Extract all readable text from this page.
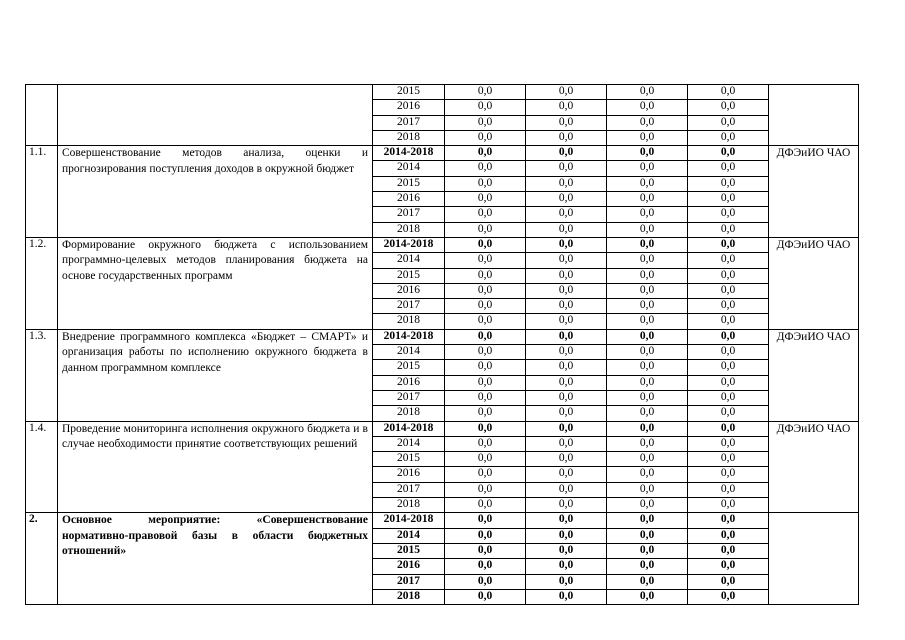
		2015	0,0	0,0	0,0	0,0	
		2016	0,0	0,0	0,0	0,0	
		2017	0,0	0,0	0,0	0,0	
		2018	0,0	0,0	0,0	0,0	
1.1.	Совершенствование методов анализа, оценки и прогнозирования поступления доходов в окружной бюджет	2014-2018	0,0	0,0	0,0	0,0	ДФЭиИО ЧАО
		2014	0,0	0,0	0,0	0,0	
		2015	0,0	0,0	0,0	0,0	
		2016	0,0	0,0	0,0	0,0	
		2017	0,0	0,0	0,0	0,0	
		2018	0,0	0,0	0,0	0,0	
1.2.	Формирование окружного бюджета с использованием программно-целевых методов планирования бюджета на основе государственных программ	2014-2018	0,0	0,0	0,0	0,0	ДФЭиИО ЧАО
		2014	0,0	0,0	0,0	0,0	
		2015	0,0	0,0	0,0	0,0	
		2016	0,0	0,0	0,0	0,0	
		2017	0,0	0,0	0,0	0,0	
		2018	0,0	0,0	0,0	0,0	
1.3.	Внедрение программного комплекса «Бюджет – СМАРТ» и организация работы по исполнению окружного бюджета в данном программном комплексе	2014-2018	0,0	0,0	0,0	0,0	ДФЭиИО ЧАО
		2014	0,0	0,0	0,0	0,0	
		2015	0,0	0,0	0,0	0,0	
		2016	0,0	0,0	0,0	0,0	
		2017	0,0	0,0	0,0	0,0	
		2018	0,0	0,0	0,0	0,0	
1.4.	Проведение мониторинга исполнения окружного бюджета и в случае необходимости принятие соответствующих решений	2014-2018	0,0	0,0	0,0	0,0	ДФЭиИО ЧАО
		2014	0,0	0,0	0,0	0,0	
		2015	0,0	0,0	0,0	0,0	
		2016	0,0	0,0	0,0	0,0	
		2017	0,0	0,0	0,0	0,0	
		2018	0,0	0,0	0,0	0,0	
2.	Основное мероприятие: «Совершенствование нормативно-правовой базы в области бюджетных отношений»	2014-2018	0,0	0,0	0,0	0,0	
		2014	0,0	0,0	0,0	0,0	
		2015	0,0	0,0	0,0	0,0	
		2016	0,0	0,0	0,0	0,0	
		2017	0,0	0,0	0,0	0,0	
		2018	0,0	0,0	0,0	0,0	
